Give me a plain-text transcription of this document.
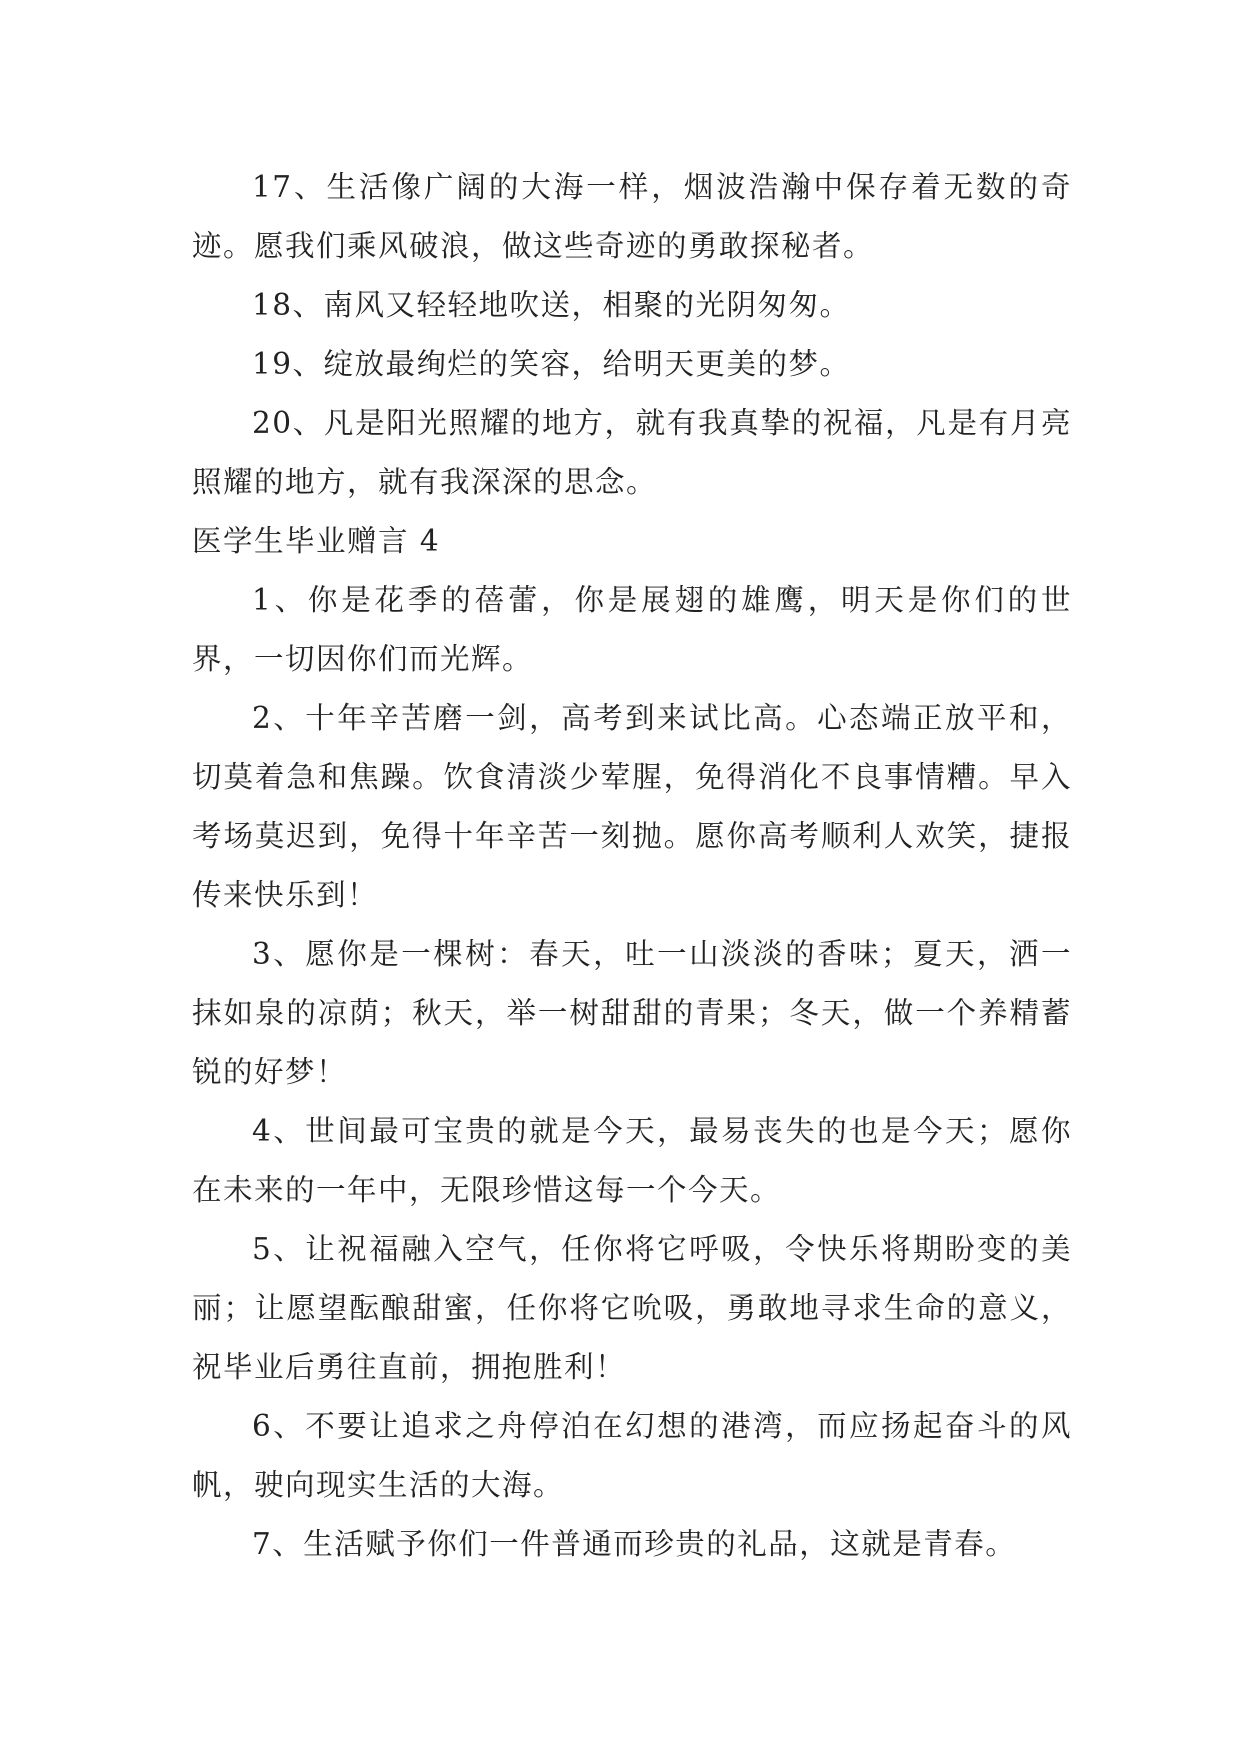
17、生活像广阔的大海一样，烟波浩瀚中保存着无数的奇迹。愿我们乘风破浪，做这些奇迹的勇敢探秘者。

18、南风又轻轻地吹送，相聚的光阴匆匆。

19、绽放最绚烂的笑容，给明天更美的梦。

20、凡是阳光照耀的地方，就有我真挚的祝福，凡是有月亮照耀的地方，就有我深深的思念。

医学生毕业赠言 4

1、你是花季的蓓蕾，你是展翅的雄鹰，明天是你们的世界，一切因你们而光辉。

2、十年辛苦磨一剑，高考到来试比高。心态端正放平和，切莫着急和焦躁。饮食清淡少荤腥，免得消化不良事情糟。早入考场莫迟到，免得十年辛苦一刻抛。愿你高考顺利人欢笑，捷报传来快乐到！

3、愿你是一棵树：春天，吐一山淡淡的香味；夏天，洒一抹如泉的凉荫；秋天，举一树甜甜的青果；冬天，做一个养精蓄锐的好梦！

4、世间最可宝贵的就是今天，最易丧失的也是今天；愿你在未来的一年中，无限珍惜这每一个今天。

5、让祝福融入空气，任你将它呼吸，令快乐将期盼变的美丽；让愿望酝酿甜蜜，任你将它吮吸，勇敢地寻求生命的意义，祝毕业后勇往直前，拥抱胜利！

6、不要让追求之舟停泊在幻想的港湾，而应扬起奋斗的风帆，驶向现实生活的大海。

7、生活赋予你们一件普通而珍贵的礼品，这就是青春。
